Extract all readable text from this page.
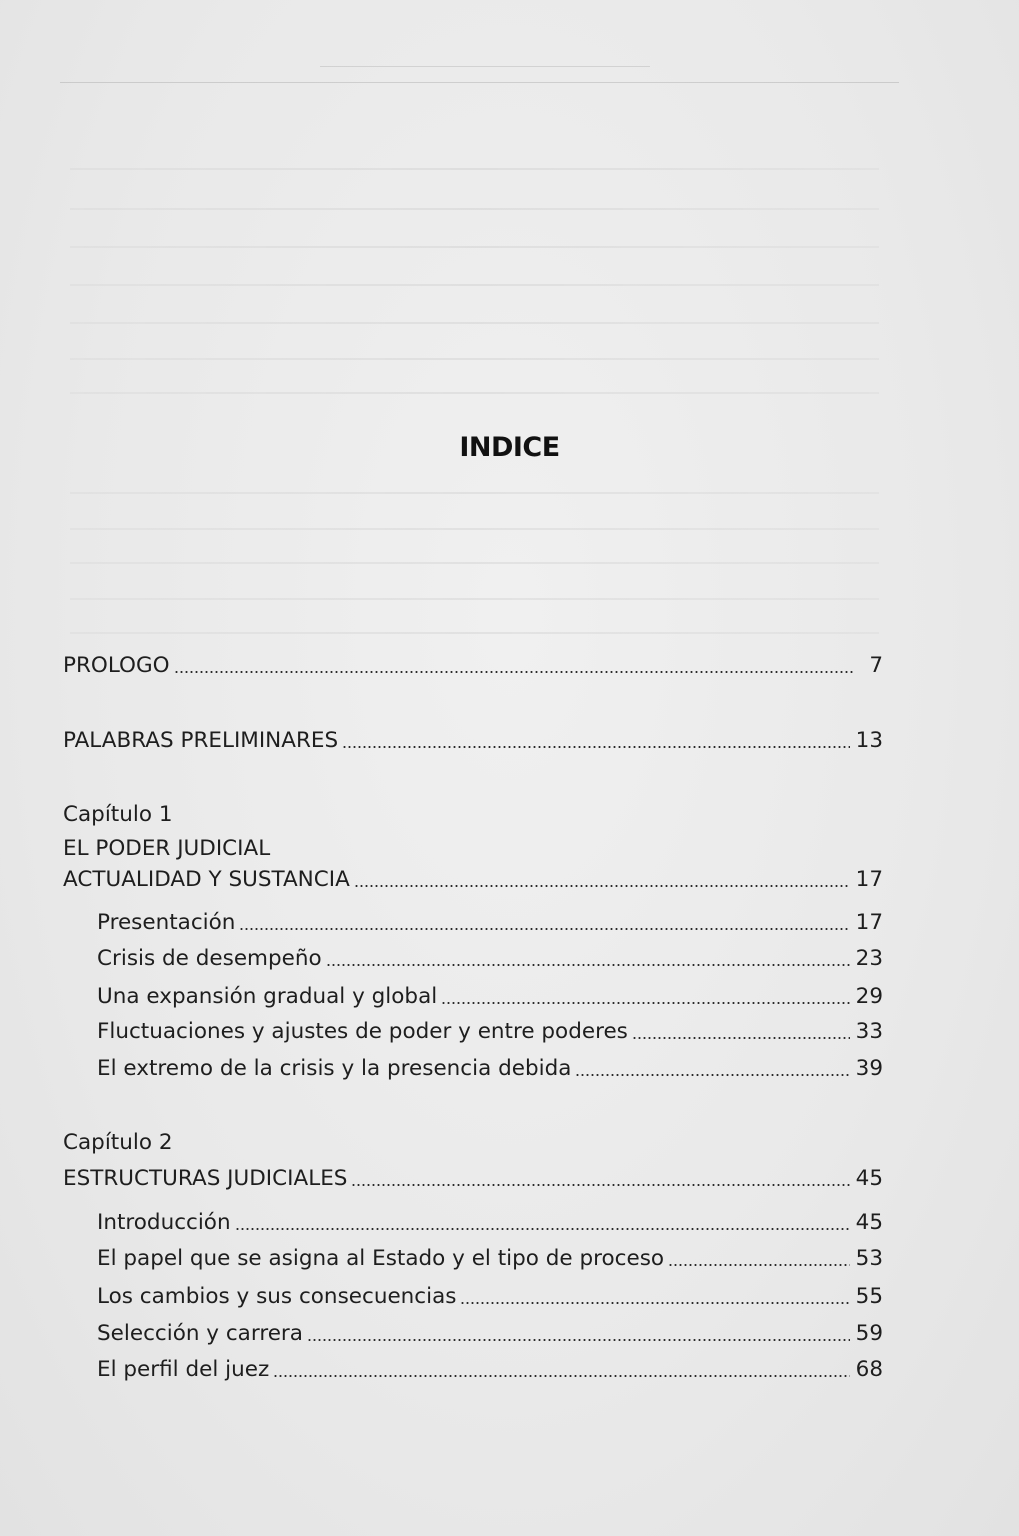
INDICE
PROLOGO	7
PALABRAS PRELIMINARES	13
Capítulo 1
EL PODER JUDICIAL
ACTUALIDAD Y SUSTANCIA	17
Presentación	17
Crisis de desempeño	23
Una expansión gradual y global	29
Fluctuaciones y ajustes de poder y entre poderes	33
El extremo de la crisis y la presencia debida	39
Capítulo 2
ESTRUCTURAS JUDICIALES	45
Introducción	45
El papel que se asigna al Estado y el tipo de proceso	53
Los cambios y sus consecuencias	55
Selección y carrera	59
El perfil del juez	68
